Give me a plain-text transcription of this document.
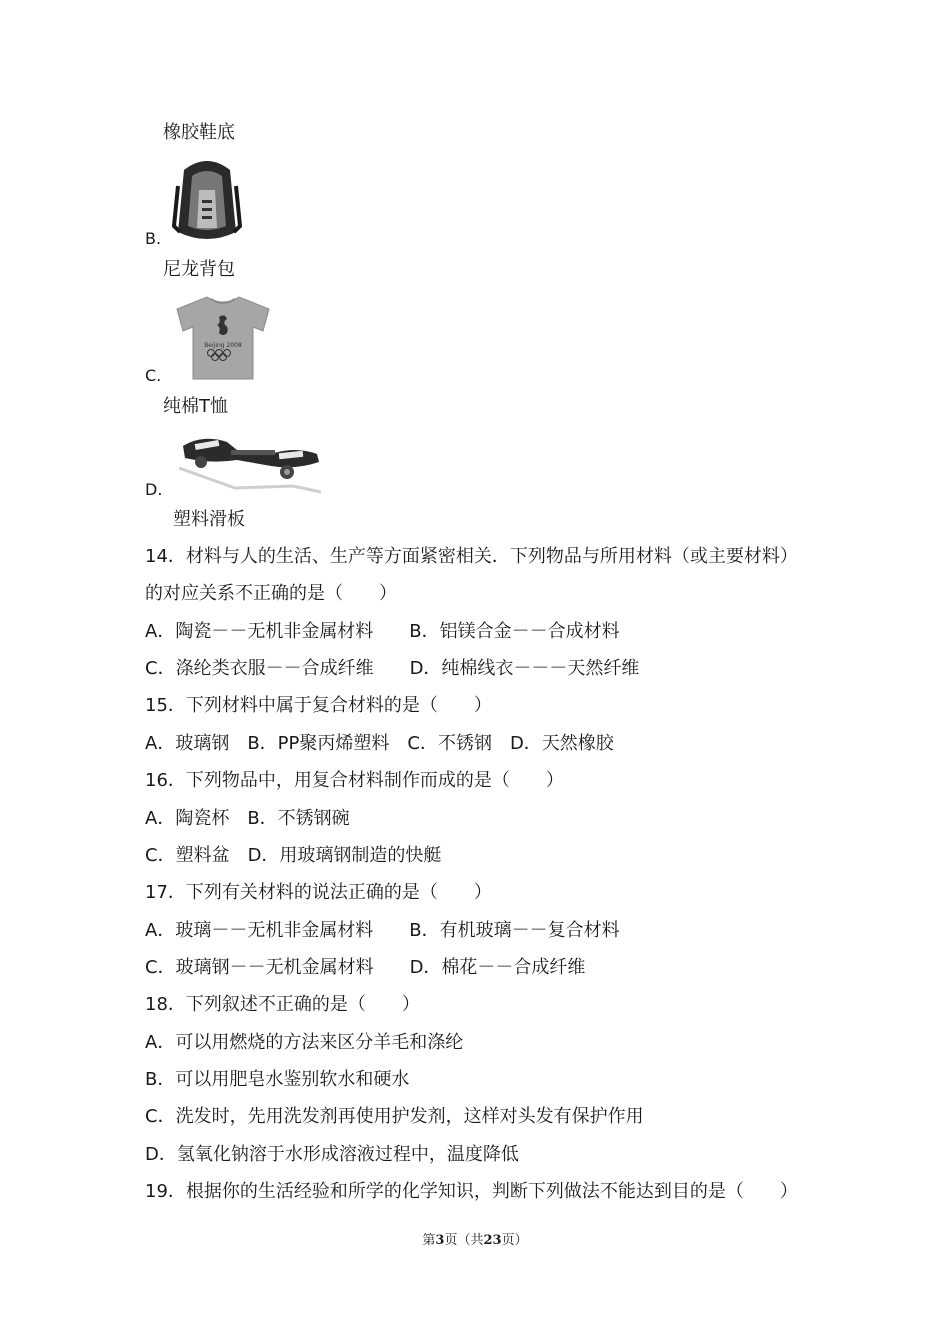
橡胶鞋底
B.
尼龙背包
Beijing 2008
C.
纯棉T恤
D.
塑料滑板
14．材料与人的生活、生产等方面紧密相关．下列物品与所用材料（或主要材料）
的对应关系不正确的是（　　）
A．陶瓷－－无机非金属材料　　B．铝镁合金－－合成材料
C．涤纶类衣服－－合成纤维　　D．纯棉线衣－－－天然纤维
15．下列材料中属于复合材料的是（　　）
A．玻璃钢　B．PP聚丙烯塑料　C．不锈钢　D．天然橡胶
16．下列物品中，用复合材料制作而成的是（　　）
A．陶瓷杯　B．不锈钢碗
C．塑料盆　D．用玻璃钢制造的快艇
17．下列有关材料的说法正确的是（　　）
A．玻璃－－无机非金属材料　　B．有机玻璃－－复合材料
C．玻璃钢－－无机金属材料　　D．棉花－－合成纤维
18．下列叙述不正确的是（　　）
A．可以用燃烧的方法来区分羊毛和涤纶
B．可以用肥皂水鉴别软水和硬水
C．洗发时，先用洗发剂再使用护发剂，这样对头发有保护作用
D．氢氧化钠溶于水形成溶液过程中，温度降低
19．根据你的生活经验和所学的化学知识，判断下列做法不能达到目的是（　　）
第3页（共23页）
